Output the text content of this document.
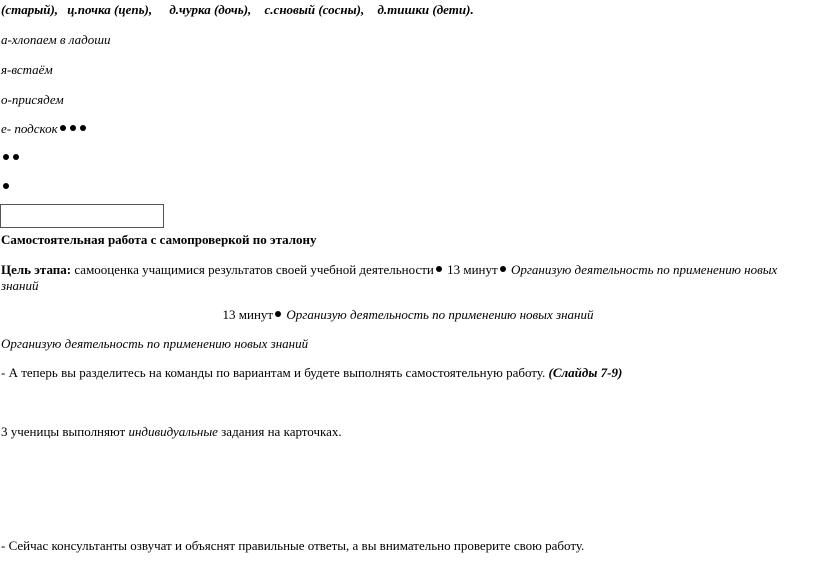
(старый), ц.почка (цепь), д.чурка (дочь), с.сновый (сосны), д.тишки (дети).
а-хлопаем в ладоши
я-встаём
о-присядем
е- подскок
Самостоятельная работа с самопроверкой по эталону
Цель этапа: самооценка учащимися результатов своей учебной деятельности 13 минут Организую деятельность по применению новых
знаний
13 минут Организую деятельность по применению новых знаний
Организую деятельность по применению новых знаний
- А теперь вы разделитесь на команды по вариантам и будете выполнять самостоятельную работу. (Слайды 7-9)
3 ученицы выполняют индивидуальные задания на карточках.
- Сейчас консультанты озвучат и объяснят правильные ответы, а вы внимательно проверите свою работу.
